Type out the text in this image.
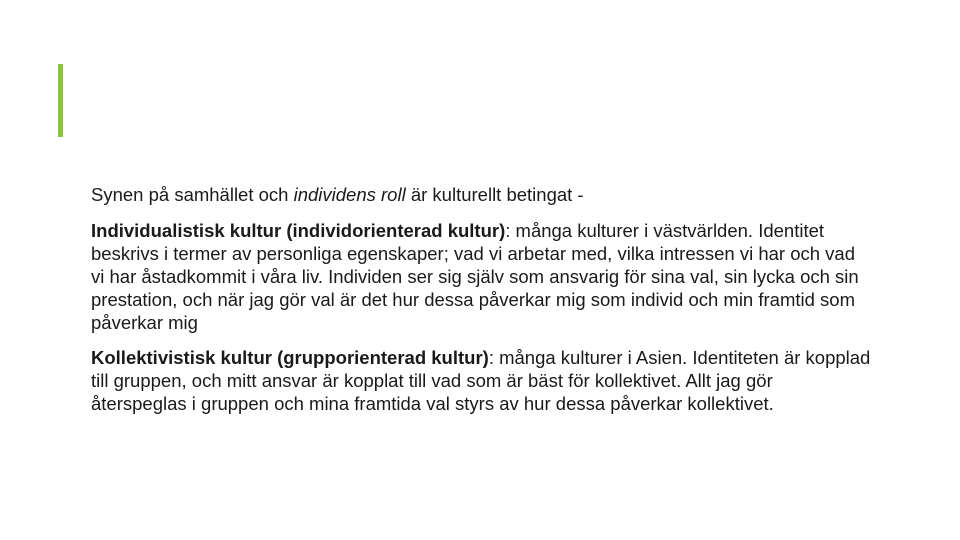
Synen på samhället och individens roll är kulturellt betingat -

Individualistisk kultur (individorienterad kultur): många kulturer i västvärlden. Identitet beskrivs i termer av personliga egenskaper; vad vi arbetar med, vilka intressen vi har och vad vi har åstadkommit i våra liv. Individen ser sig själv som ansvarig för sina val, sin lycka och sin prestation, och när jag gör val är det hur dessa påverkar mig som individ och min framtid som påverkar mig

Kollektivistisk kultur (grupporienterad kultur): många kulturer i Asien. Identiteten är kopplad till gruppen, och mitt ansvar är kopplat till vad som är bäst för kollektivet. Allt jag gör återspeglas i gruppen och mina framtida val styrs av hur dessa påverkar kollektivet.
